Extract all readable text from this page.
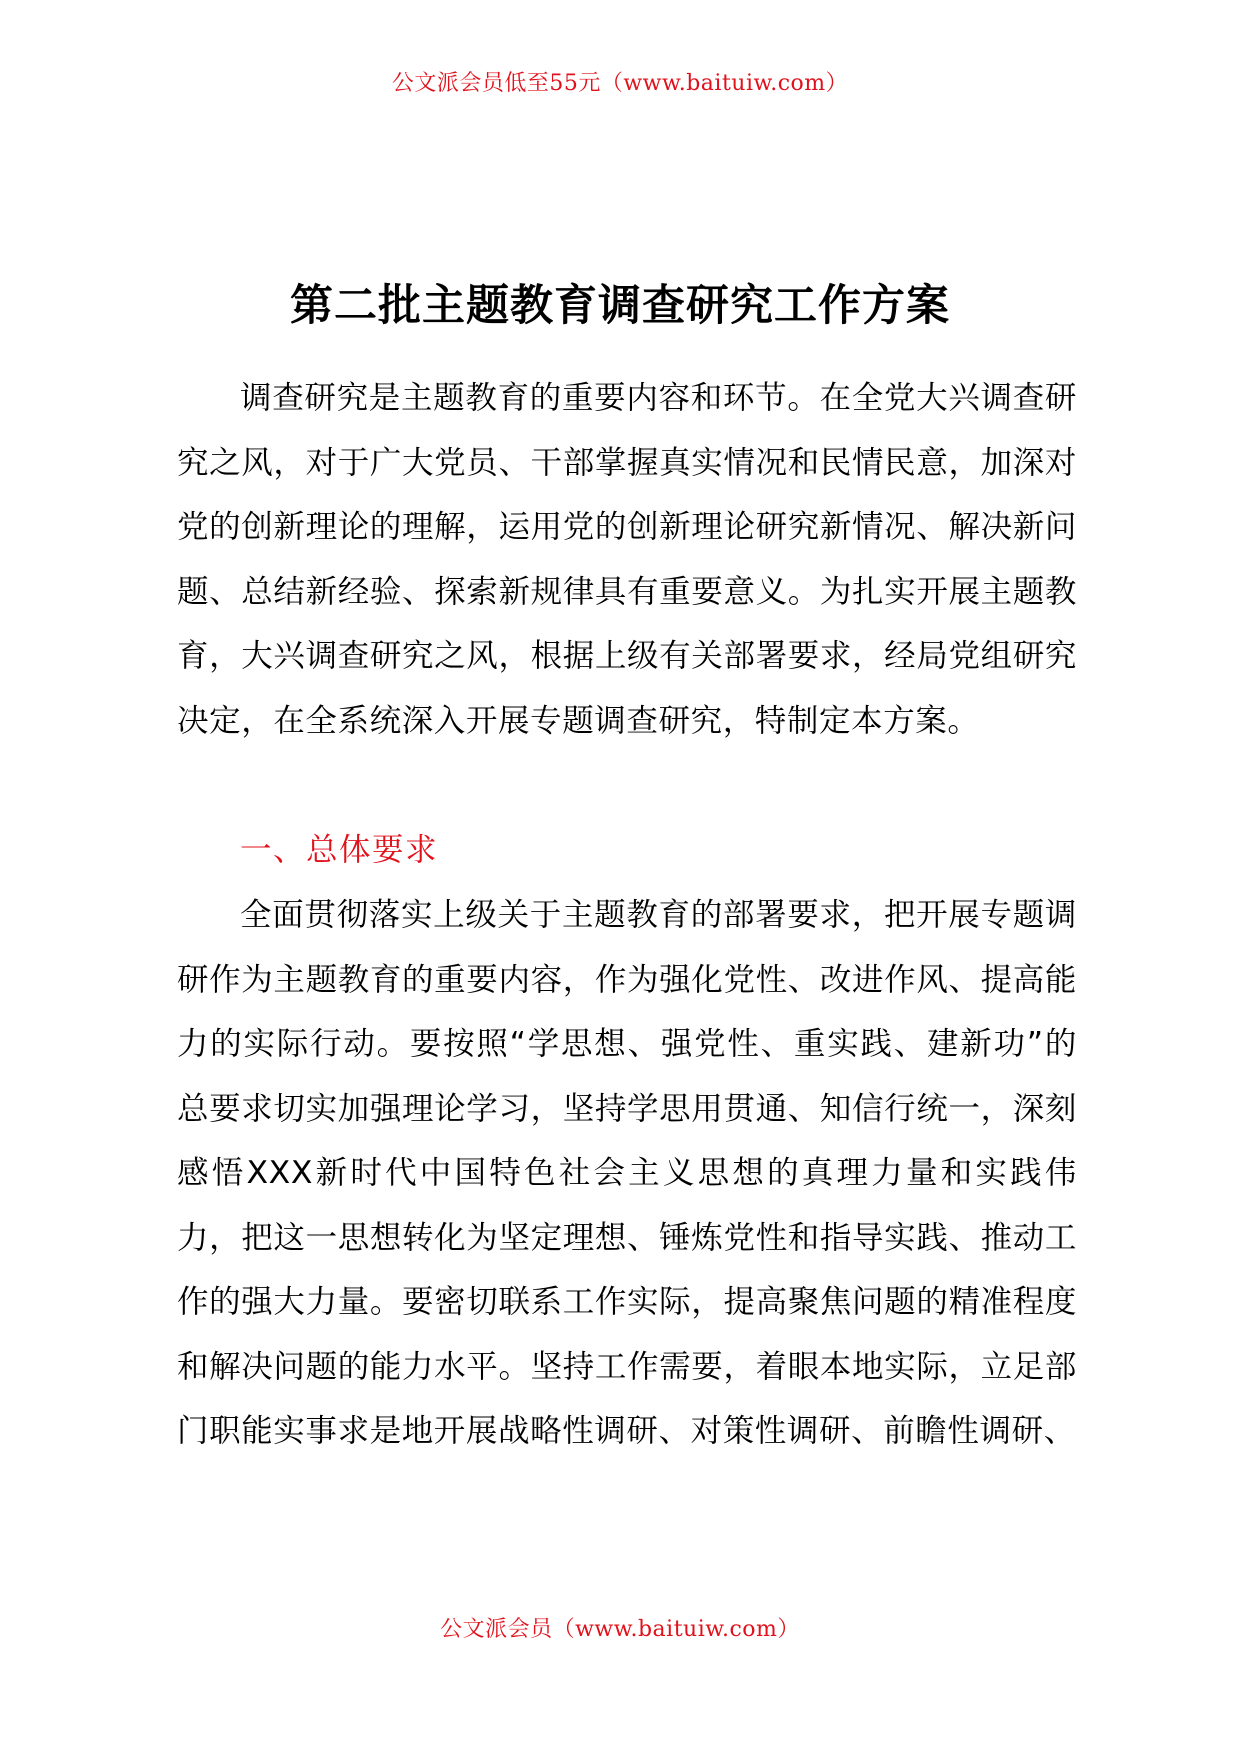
公文派会员低至55元（www.baituiw.com）
第二批主题教育调查研究工作方案

调查研究是主题教育的重要内容和环节。在全党大兴调查研究之风，对于广大党员、干部掌握真实情况和民情民意，加深对党的创新理论的理解，运用党的创新理论研究新情况、解决新问题、总结新经验、探索新规律具有重要意义。为扎实开展主题教育，大兴调查研究之风，根据上级有关部署要求，经局党组研究决定，在全系统深入开展专题调查研究，特制定本方案。

一、总体要求

全面贯彻落实上级关于主题教育的部署要求，把开展专题调研作为主题教育的重要内容，作为强化党性、改进作风、提高能力的实际行动。要按照“学思想、强党性、重实践、建新功”的总要求切实加强理论学习，坚持学思用贯通、知信行统一，深刻感悟XXX新时代中国特色社会主义思想的真理力量和实践伟力，把这一思想转化为坚定理想、锤炼党性和指导实践、推动工作的强大力量。要密切联系工作实际，提高聚焦问题的精准程度和解决问题的能力水平。坚持工作需要，着眼本地实际，立足部门职能实事求是地开展战略性调研、对策性调研、前瞻性调研、

公文派会员（www.baituiw.com）
